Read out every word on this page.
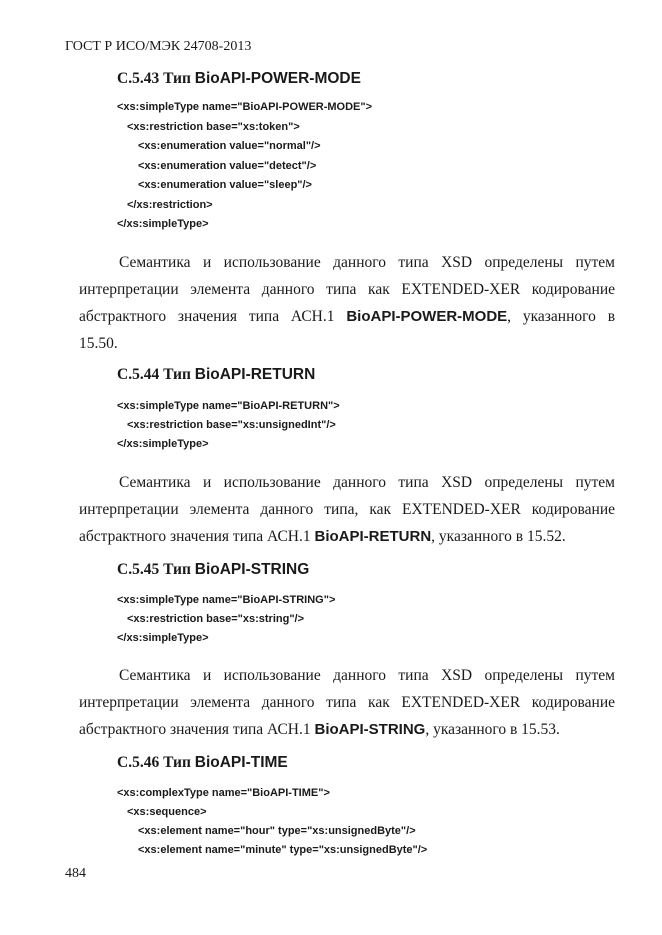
ГОСТ Р ИСО/МЭК 24708-2013
С.5.43 Тип BioAPI-POWER-MODE
<xs:simpleType name="BioAPI-POWER-MODE">
<xs:restriction base="xs:token">
<xs:enumeration value="normal"/>
<xs:enumeration value="detect"/>
<xs:enumeration value="sleep"/>
</xs:restriction>
</xs:simpleType>
Семантика и использование данного типа XSD определены путем
интерпретации элемента данного типа как EXTENDED-XER кодирование
абстрактного значения типа АСН.1 BioAPI-POWER-MODE, указанного в
15.50.
С.5.44 Тип BioAPI-RETURN
<xs:simpleType name="BioAPI-RETURN">
<xs:restriction base="xs:unsignedInt"/>
</xs:simpleType>
Семантика и использование данного типа XSD определены путем
интерпретации элемента данного типа, как EXTENDED-XER кодирование
абстрактного значения типа АСН.1 BioAPI-RETURN, указанного в 15.52.
С.5.45 Тип BioAPI-STRING
<xs:simpleType name="BioAPI-STRING">
<xs:restriction base="xs:string"/>
</xs:simpleType>
Семантика и использование данного типа XSD определены путем
интерпретации элемента данного типа как EXTENDED-XER кодирование
абстрактного значения типа АСН.1 BioAPI-STRING, указанного в 15.53.
С.5.46 Тип BioAPI-TIME
<xs:complexType name="BioAPI-TIME">
<xs:sequence>
<xs:element name="hour" type="xs:unsignedByte"/>
<xs:element name="minute" type="xs:unsignedByte"/>
484
